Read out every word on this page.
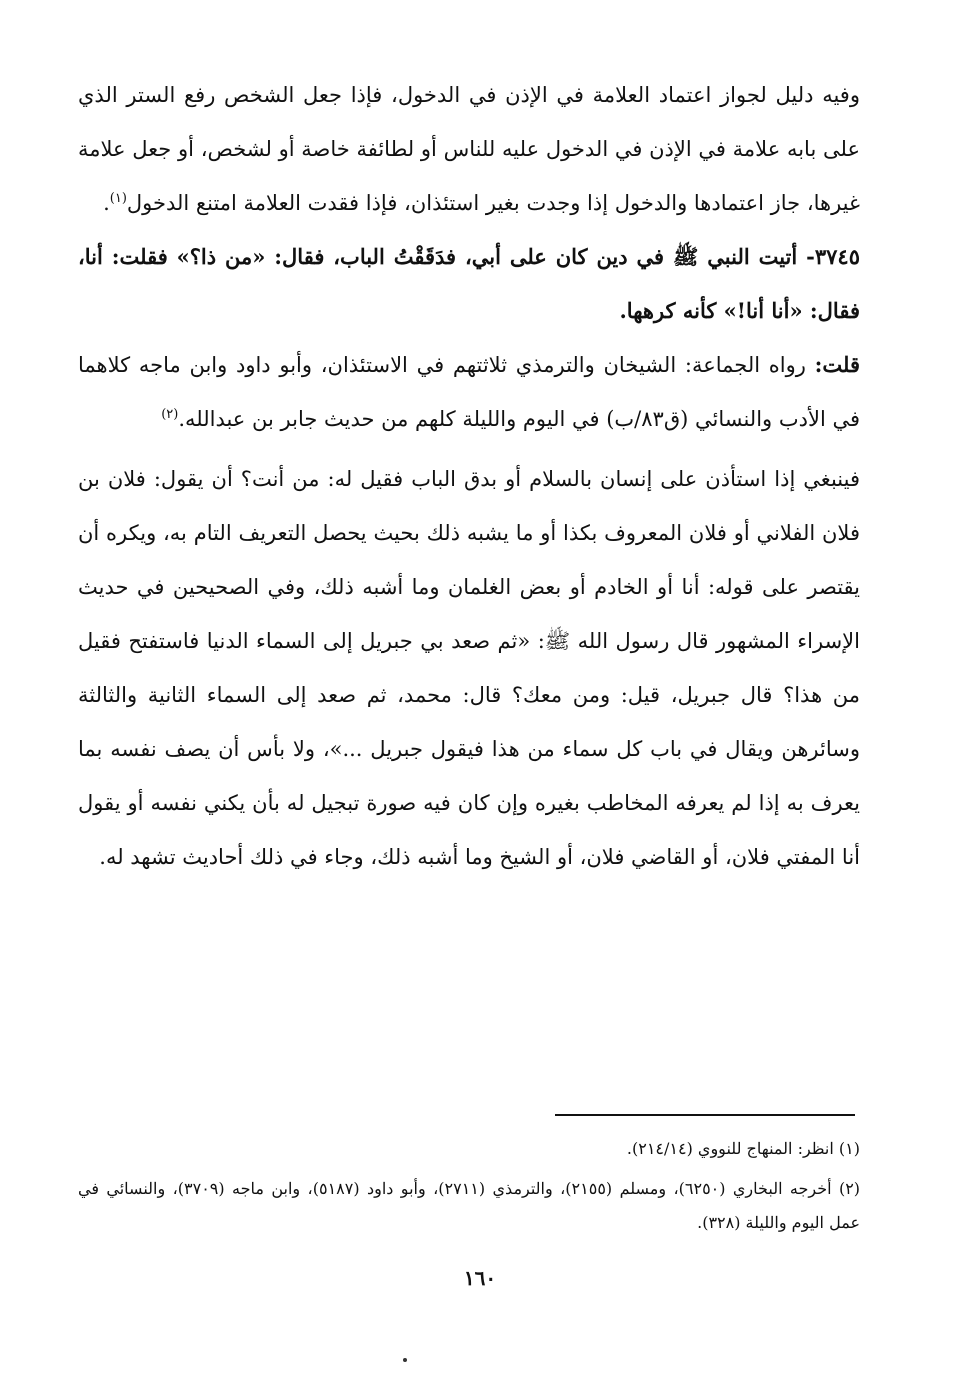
وفيه دليل لجواز اعتماد العلامة في الإذن في الدخول، فإذا جعل الشخص رفع الستر الذي على بابه علامة في الإذن في الدخول عليه للناس أو لطائفة خاصة أو لشخص، أو جعل علامة غيرها، جاز اعتمادها والدخول إذا وجدت بغير استئذان، فإذا فقدت العلامة امتنع الدخول$^{(١)}$.

٣٧٤٥- أتيت النبي ﷺ في دين كان على أبي، فدَقَقْتُ الباب، فقال: «من ذا؟» فقلت: أنا، فقال: «أنا أنا!» كأنه كرهها.

قلت: رواه الجماعة: الشيخان والترمذي ثلاثتهم في الاستئذان، وأبو داود وابن ماجه كلاهما في الأدب والنسائي (ق٨٣/ب) في اليوم والليلة كلهم من حديث جابر بن عبدالله.$^{(٢)}$

فينبغي إذا استأذن على إنسان بالسلام أو بدق الباب فقيل له: من أنت؟ أن يقول: فلان بن فلان الفلاني أو فلان المعروف بكذا أو ما يشبه ذلك بحيث يحصل التعريف التام به، ويكره أن يقتصر على قوله: أنا أو الخادم أو بعض الغلمان وما أشبه ذلك، وفي الصحيحين في حديث الإسراء المشهور قال رسول الله ﷺ: «ثم صعد بي جبريل إلى السماء الدنيا فاستفتح فقيل من هذا؟ قال جبريل، قيل: ومن معك؟ قال: محمد، ثم صعد إلى السماء الثانية والثالثة وسائرهن ويقال في باب كل سماء من هذا فيقول جبريل ...»، ولا بأس أن يصف نفسه بما يعرف به إذا لم يعرفه المخاطب بغيره وإن كان فيه صورة تبجيل له بأن يكني نفسه أو يقول أنا المفتي فلان، أو القاضي فلان، أو الشيخ وما أشبه ذلك، وجاء في ذلك أحاديث تشهد له.

(١) انظر: المنهاج للنووي (٢١٤/١٤).

(٢) أخرجه البخاري (٦٢٥٠)، ومسلم (٢١٥٥)، والترمذي (٢٧١١)، وأبو داود (٥١٨٧)، وابن ماجه (٣٧٠٩)، والنسائي في عمل اليوم والليلة (٣٢٨).

١٦٠
